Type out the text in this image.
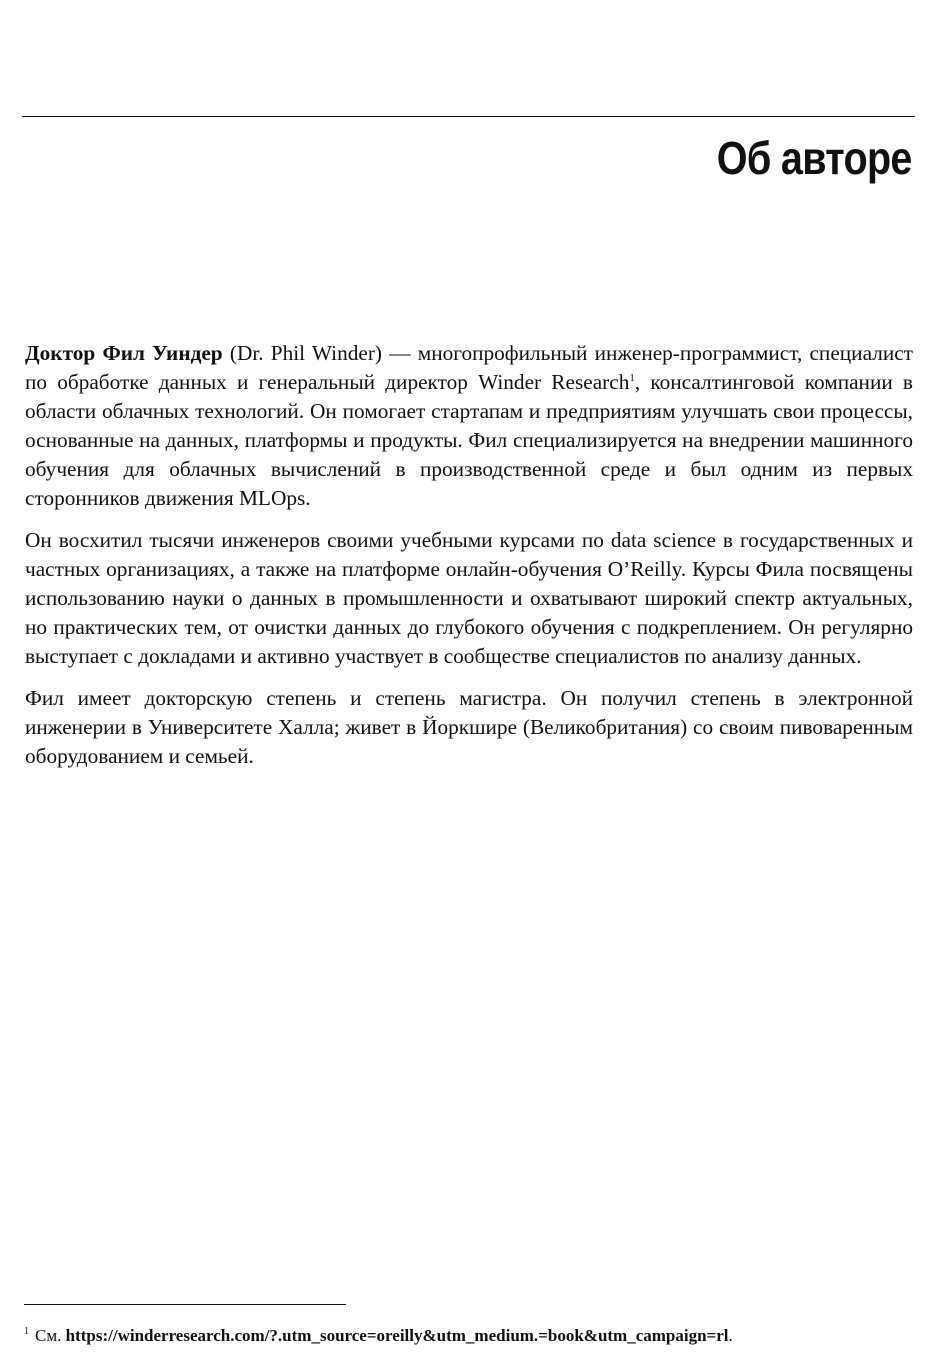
Об авторе

Доктор Фил Уиндер (Dr. Phil Winder) — многопрофильный инженер-программист, специалист по обработке данных и генеральный директор Winder Research$^1$, консалтинговой компании в области облачных технологий. Он помогает стартапам и предприятиям улучшать свои процессы, основанные на данных, платформы и продукты. Фил специализируется на внедрении машинного обучения для облачных вычислений в производственной среде и был одним из первых сторонников движения MLOps.

Он восхитил тысячи инженеров своими учебными курсами по data science в государственных и частных организациях, а также на платформе онлайн-обучения O’Reilly. Курсы Фила посвящены использованию науки о данных в промышленности и охватывают широкий спектр актуальных, но практических тем, от очистки данных до глубокого обучения с подкреплением. Он регулярно выступает с докладами и активно участвует в сообществе специалистов по анализу данных.

Фил имеет докторскую степень и степень магистра. Он получил степень в электронной инженерии в Университете Халла; живет в Йоркшире (Великобритания) со своим пивоваренным оборудованием и семьей.

$^1$ См. https://winderresearch.com/?.utm_source=oreilly&utm_medium.=book&utm_campaign=rl.
